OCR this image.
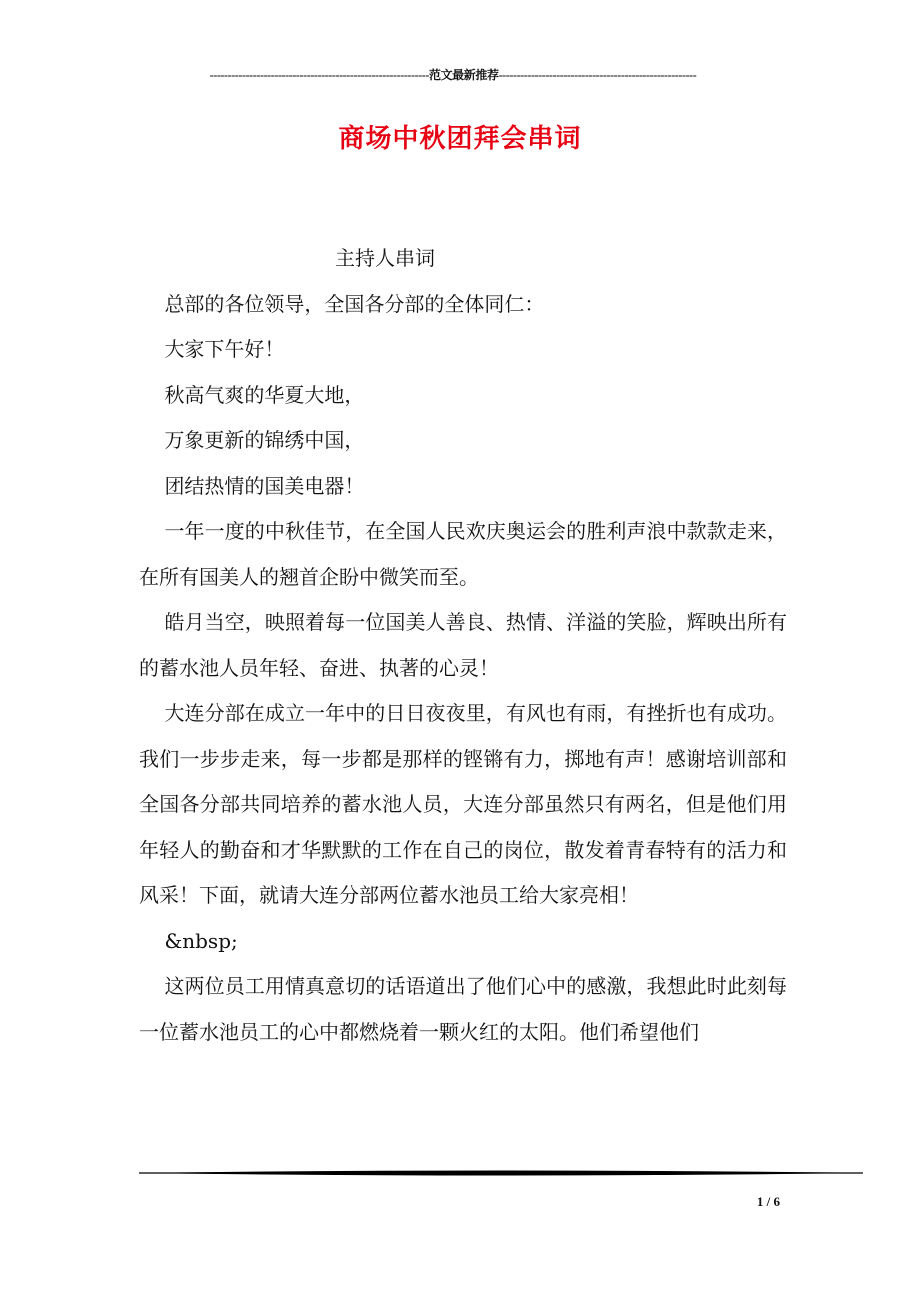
-------------------------------------------------------------范文最新推荐-------------------------------------------------------
商场中秋团拜会串词

主持人串词

总部的各位领导，全国各分部的全体同仁：

大家下午好！

秋高气爽的华夏大地，

万象更新的锦绣中国，

团结热情的国美电器！

一年一度的中秋佳节，在全国人民欢庆奥运会的胜利声浪中款款走来，在所有国美人的翘首企盼中微笑而至。

皓月当空，映照着每一位国美人善良、热情、洋溢的笑脸，辉映出所有的蓄水池人员年轻、奋进、执著的心灵！

大连分部在成立一年中的日日夜夜里，有风也有雨，有挫折也有成功。我们一步步走来，每一步都是那样的铿锵有力，掷地有声！感谢培训部和全国各分部共同培养的蓄水池人员，大连分部虽然只有两名，但是他们用年轻人的勤奋和才华默默的工作在自己的岗位，散发着青春特有的活力和风采！下面，就请大连分部两位蓄水池员工给大家亮相！

&nbsp;

这两位员工用情真意切的话语道出了他们心中的感激，我想此时此刻每一位蓄水池员工的心中都燃烧着一颗火红的太阳。他们希望他们

1 / 6
